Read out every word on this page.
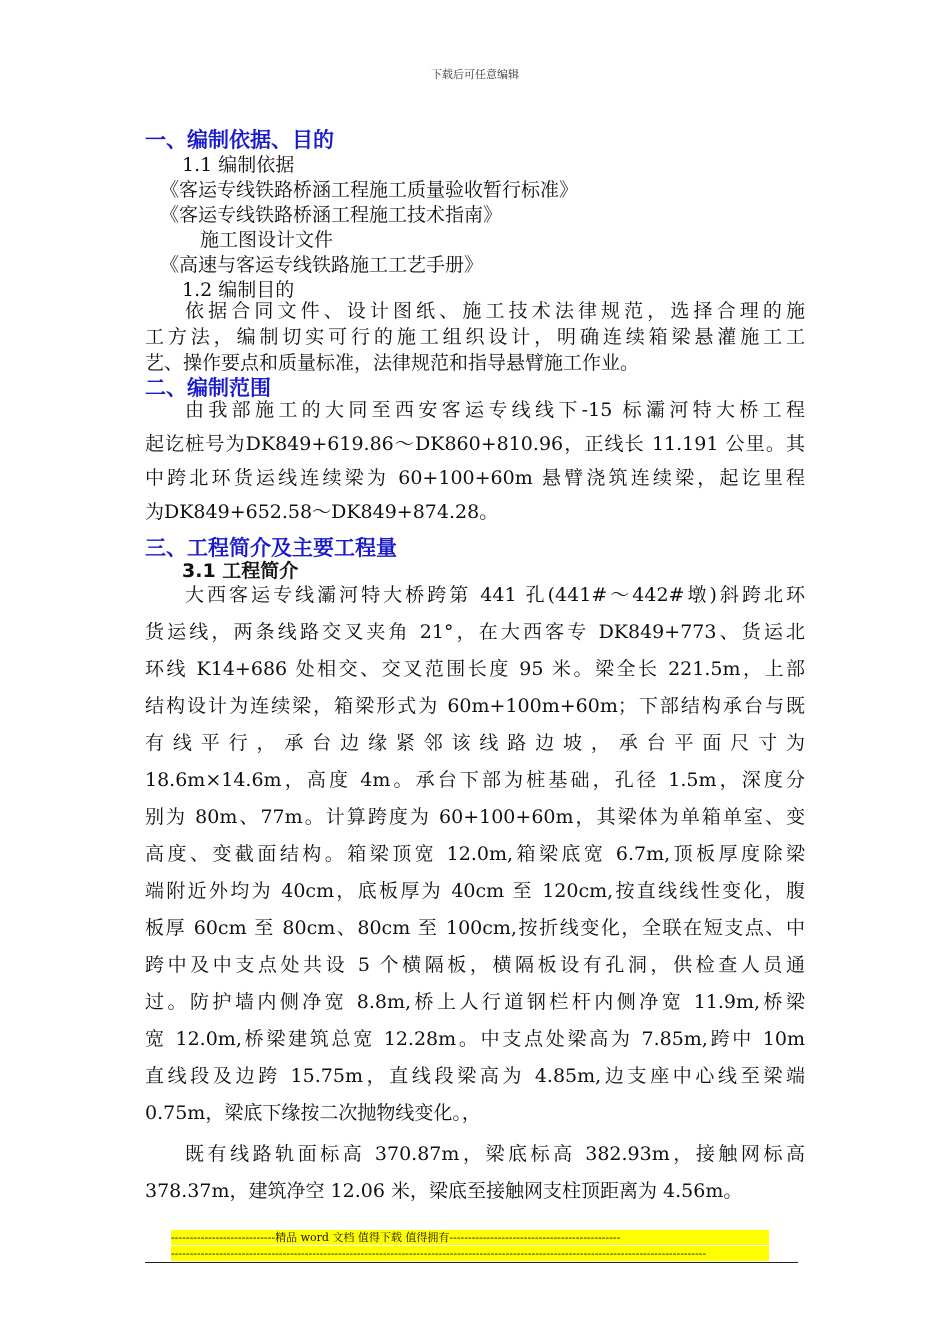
下载后可任意编辑
一、编制依据、目的
1.1 编制依据
《客运专线铁路桥涵工程施工质量验收暂行标准》
《客运专线铁路桥涵工程施工技术指南》
施工图设计文件
《高速与客运专线铁路施工工艺手册》
1.2 编制目的
依据合同文件、设计图纸、施工技术法律规范，选择合理的施
工方法，编制切实可行的施工组织设计，明确连续箱梁悬灌施工工
艺、操作要点和质量标准，法律规范和指导悬臂施工作业。
二、编制范围
由我部施工的大同至西安客运专线线下-15 标灞河特大桥工程
起讫桩号为DK849+619.86～DK860+810.96，正线长 11.191 公里。其
中跨北环货运线连续梁为 60+100+60m 悬臂浇筑连续梁，起讫里程
为DK849+652.58～DK849+874.28。
三、工程简介及主要工程量
3.1 工程简介
大西客运专线灞河特大桥跨第 441 孔(441#～442#墩)斜跨北环
货运线，两条线路交叉夹角 21°，在大西客专 DK849+773、货运北
环线 K14+686 处相交、交叉范围长度 95 米。梁全长 221.5m，上部
结构设计为连续梁，箱梁形式为 60m+100m+60m；下部结构承台与既
有线平行，承台边缘紧邻该线路边坡，承台平面尺寸为
18.6m×14.6m，高度 4m。承台下部为桩基础，孔径 1.5m，深度分
别为 80m、77m。计算跨度为 60+100+60m，其梁体为单箱单室、变
高度、变截面结构。箱梁顶宽 12.0m,箱梁底宽 6.7m,顶板厚度除梁
端附近外均为 40cm，底板厚为 40cm 至 120cm,按直线线性变化，腹
板厚 60cm 至 80cm、80cm 至 100cm,按折线变化，全联在短支点、中
跨中及中支点处共设 5 个横隔板，横隔板设有孔洞，供检查人员通
过。防护墙内侧净宽 8.8m,桥上人行道钢栏杆内侧净宽 11.9m,桥梁
宽 12.0m,桥梁建筑总宽 12.28m。中支点处梁高为 7.85m,跨中 10m
直线段及边跨 15.75m，直线段梁高为 4.85m,边支座中心线至梁端
0.75m，梁底下缘按二次抛物线变化。，
既有线路轨面标高 370.87m，梁底标高 382.93m，接触网标高
378.37m，建筑净空 12.06 米，梁底至接触网支柱顶距离为 4.56m。
----------------------------精品 word 文档 值得下载 值得拥有----------------------------------------------
------------------------------------------------------------------------------------------------------------------------------------------------
